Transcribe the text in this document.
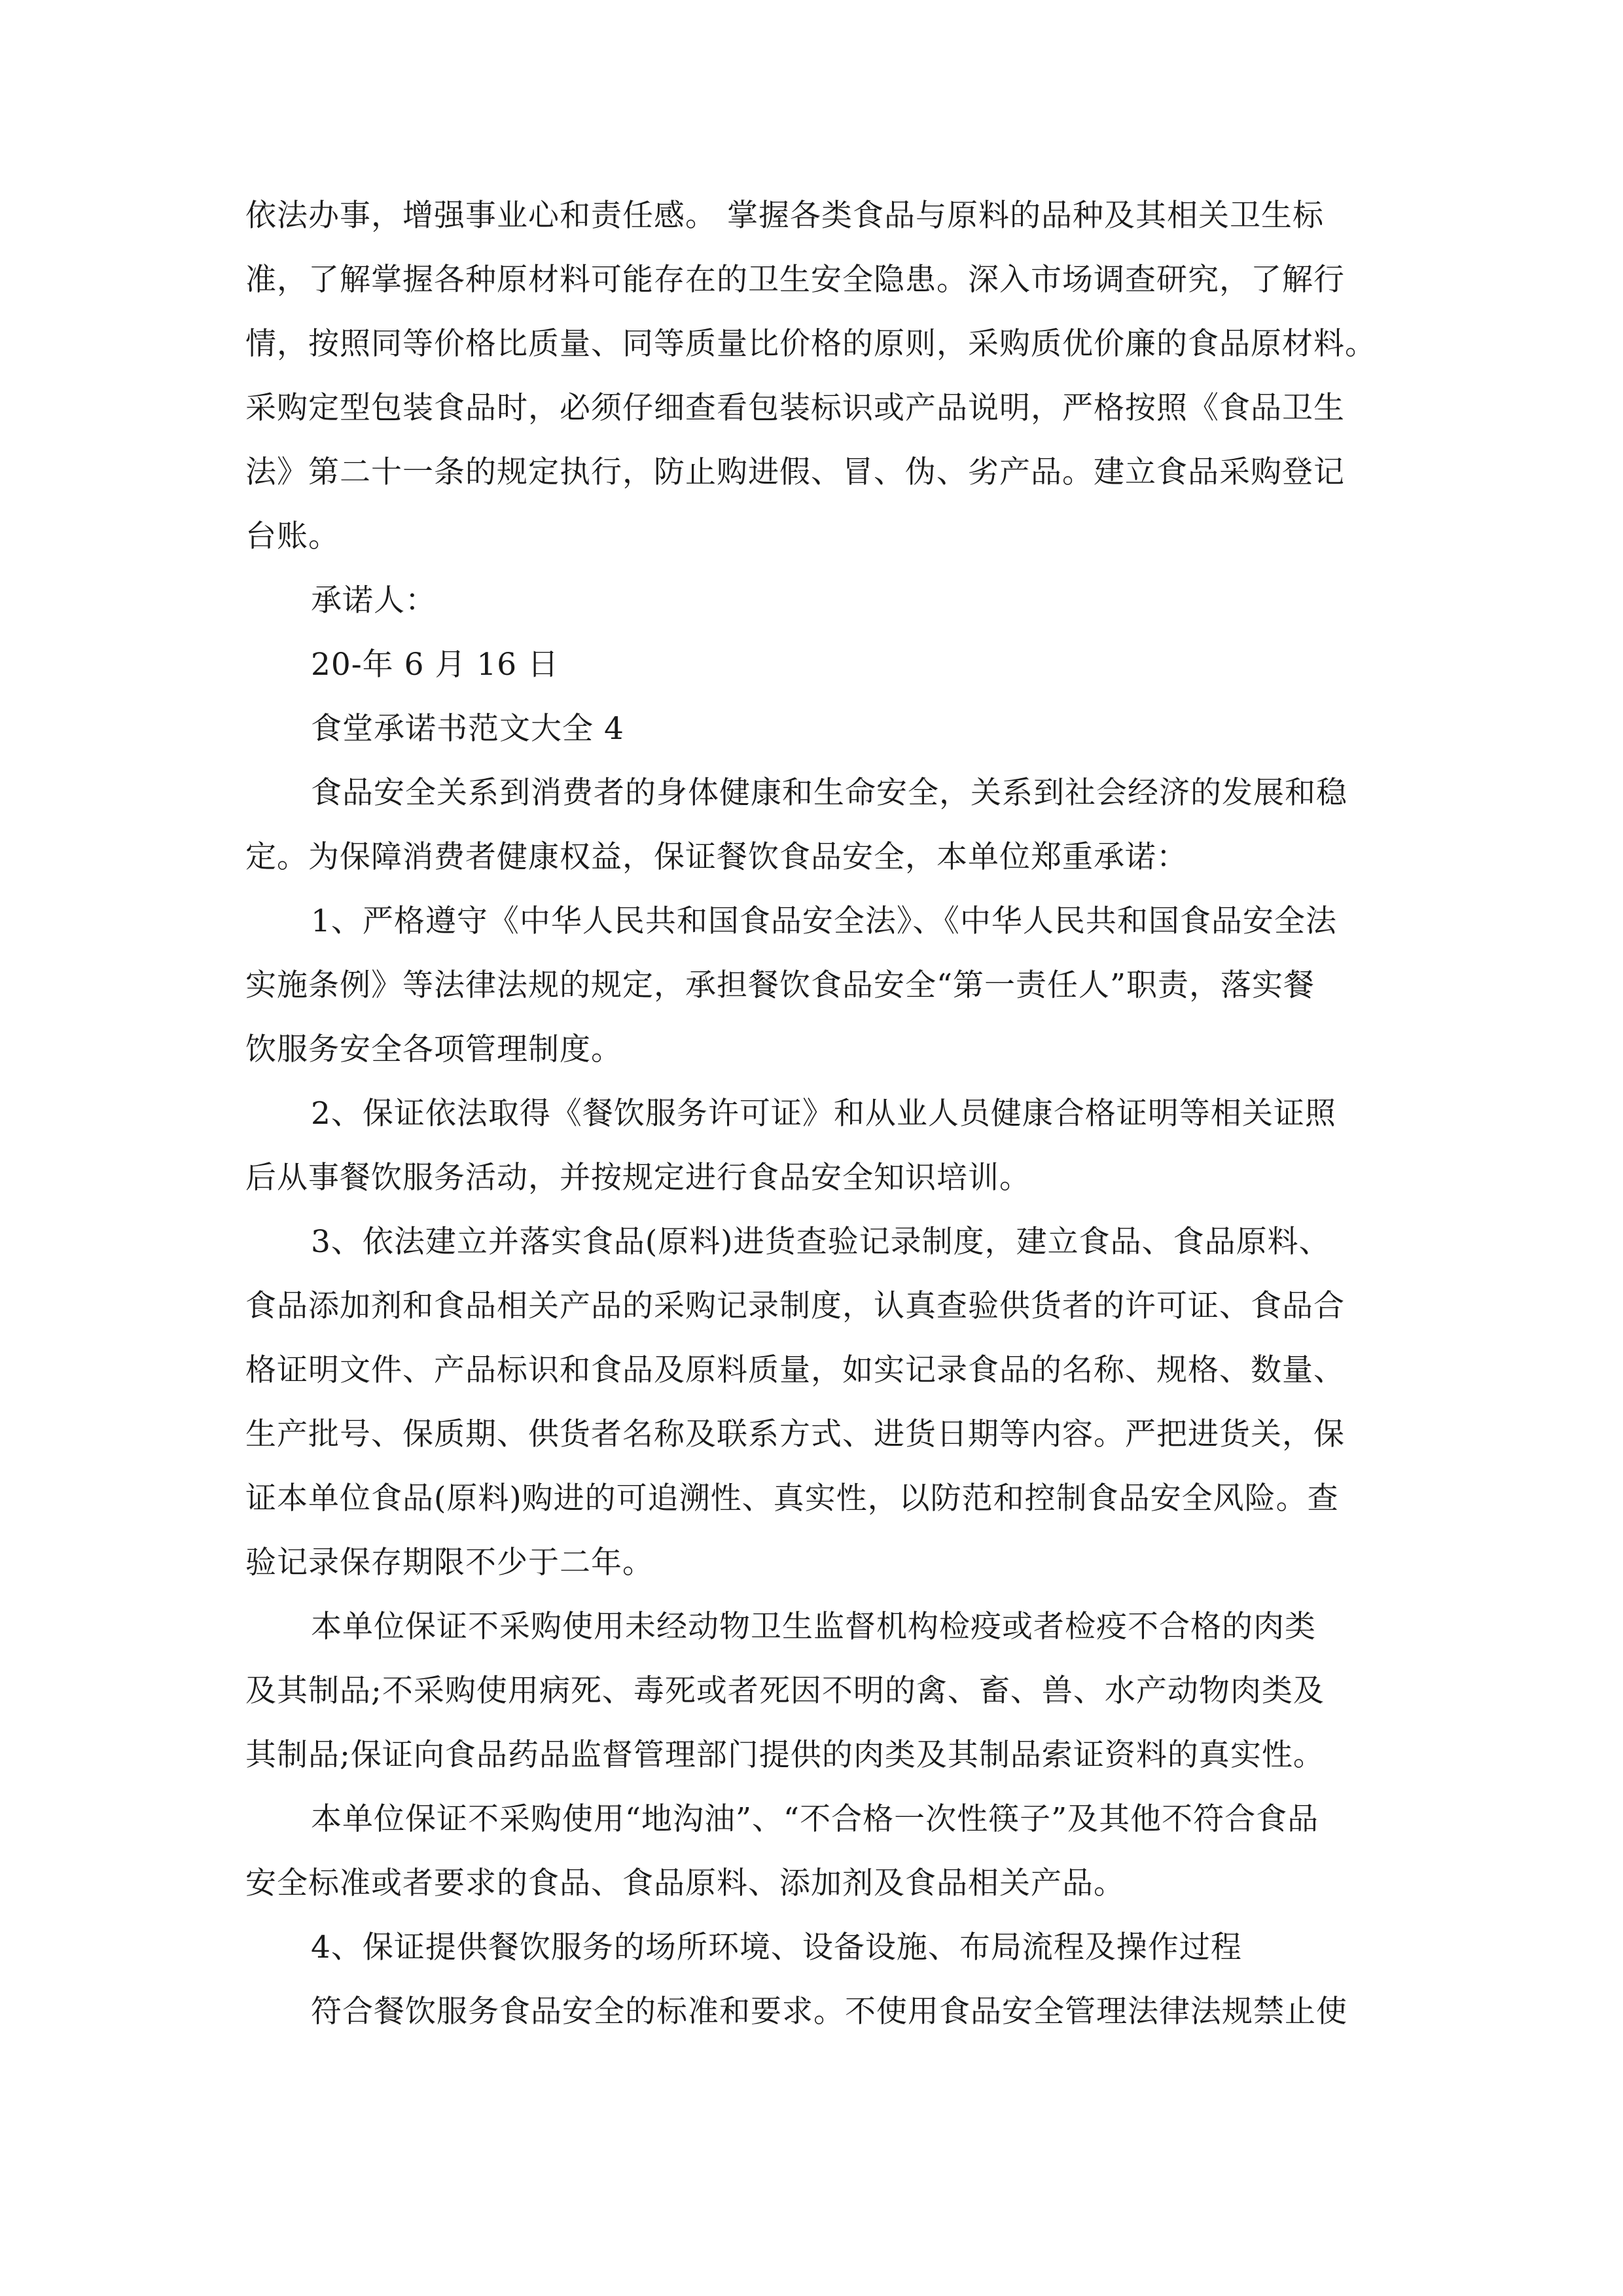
依法办事，增强事业心和责任感。 掌握各类食品与原料的品种及其相关卫生标
准，了解掌握各种原材料可能存在的卫生安全隐患。深入市场调查研究，了解行
情，按照同等价格比质量、同等质量比价格的原则，采购质优价廉的食品原材料。
采购定型包装食品时，必须仔细查看包装标识或产品说明，严格按照《食品卫生
法》第二十一条的规定执行，防止购进假、冒、伪、劣产品。建立食品采购登记
台账。
承诺人：
20-年 6 月 16 日
食堂承诺书范文大全 4
食品安全关系到消费者的身体健康和生命安全，关系到社会经济的发展和稳
定。为保障消费者健康权益，保证餐饮食品安全，本单位郑重承诺：
1、严格遵守《中华人民共和国食品安全法》、《中华人民共和国食品安全法
实施条例》等法律法规的规定，承担餐饮食品安全“第一责任人”职责，落实餐
饮服务安全各项管理制度。
2、保证依法取得《餐饮服务许可证》和从业人员健康合格证明等相关证照
后从事餐饮服务活动，并按规定进行食品安全知识培训。
3、依法建立并落实食品(原料)进货查验记录制度，建立食品、食品原料、
食品添加剂和食品相关产品的采购记录制度，认真查验供货者的许可证、食品合
格证明文件、产品标识和食品及原料质量，如实记录食品的名称、规格、数量、
生产批号、保质期、供货者名称及联系方式、进货日期等内容。严把进货关，保
证本单位食品(原料)购进的可追溯性、真实性，以防范和控制食品安全风险。查
验记录保存期限不少于二年。
本单位保证不采购使用未经动物卫生监督机构检疫或者检疫不合格的肉类
及其制品;不采购使用病死、毒死或者死因不明的禽、畜、兽、水产动物肉类及
其制品;保证向食品药品监督管理部门提供的肉类及其制品索证资料的真实性。
本单位保证不采购使用“地沟油”、“不合格一次性筷子”及其他不符合食品
安全标准或者要求的食品、食品原料、添加剂及食品相关产品。
4、保证提供餐饮服务的场所环境、设备设施、布局流程及操作过程
符合餐饮服务食品安全的标准和要求。不使用食品安全管理法律法规禁止使
